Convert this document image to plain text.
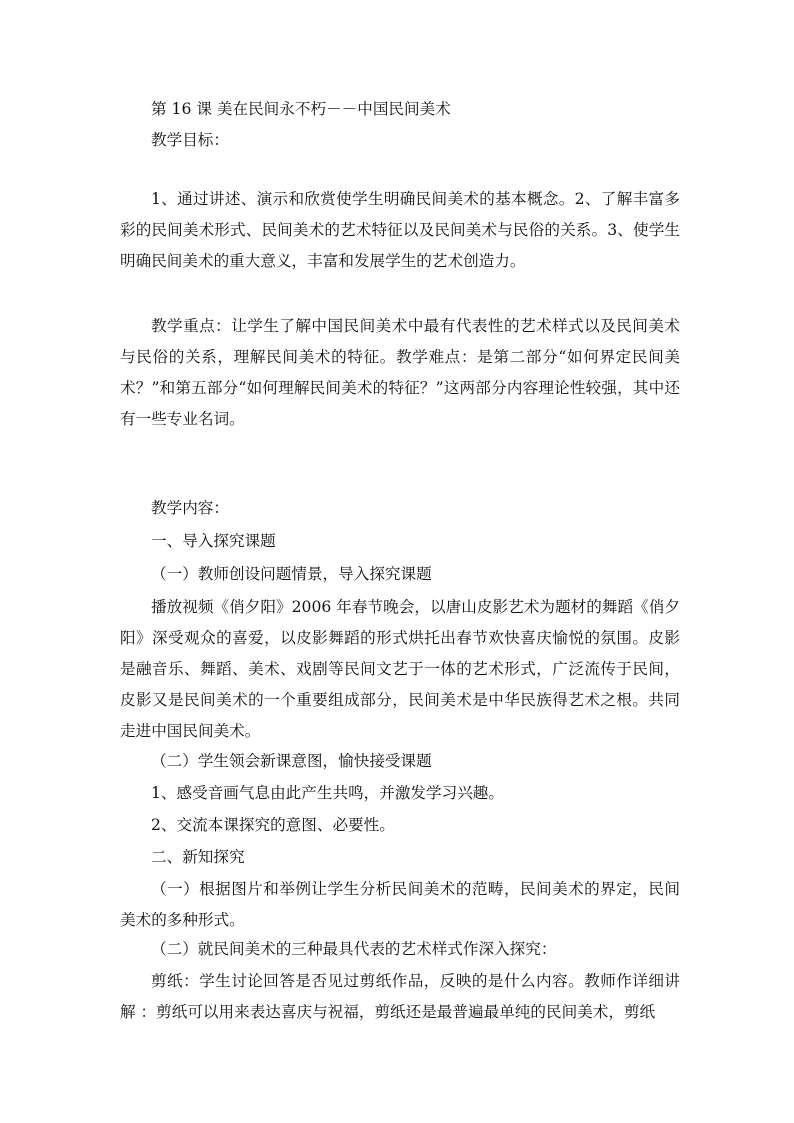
第 16 课 美在民间永不朽－－中国民间美术

教学目标：

1、通过讲述、演示和欣赏使学生明确民间美术的基本概念。2、了解丰富多彩的民间美术形式、民间美术的艺术特征以及民间美术与民俗的关系。3、使学生明确民间美术的重大意义，丰富和发展学生的艺术创造力。

教学重点：让学生了解中国民间美术中最有代表性的艺术样式以及民间美术与民俗的关系，理解民间美术的特征。教学难点：是第二部分“如何界定民间美术？”和第五部分“如何理解民间美术的特征？”这两部分内容理论性较强，其中还有一些专业名词。

教学内容：

一、导入探究课题

（一）教师创设问题情景，导入探究课题

播放视频《俏夕阳》2006 年春节晚会，以唐山皮影艺术为题材的舞蹈《俏夕阳》深受观众的喜爱，以皮影舞蹈的形式烘托出春节欢快喜庆愉悦的氛围。皮影是融音乐、舞蹈、美术、戏剧等民间文艺于一体的艺术形式，广泛流传于民间，皮影又是民间美术的一个重要组成部分，民间美术是中华民族得艺术之根。共同走进中国民间美术。

（二）学生领会新课意图，愉快接受课题

1、感受音画气息由此产生共鸣，并激发学习兴趣。

2、交流本课探究的意图、必要性。

二、新知探究

（一）根据图片和举例让学生分析民间美术的范畴，民间美术的界定，民间美术的多种形式。

（二）就民间美术的三种最具代表的艺术样式作深入探究：

剪纸：学生讨论回答是否见过剪纸作品，反映的是什么内容。教师作详细讲解 ：剪纸可以用来表达喜庆与祝福，剪纸还是最普遍最单纯的民间美术，剪纸
